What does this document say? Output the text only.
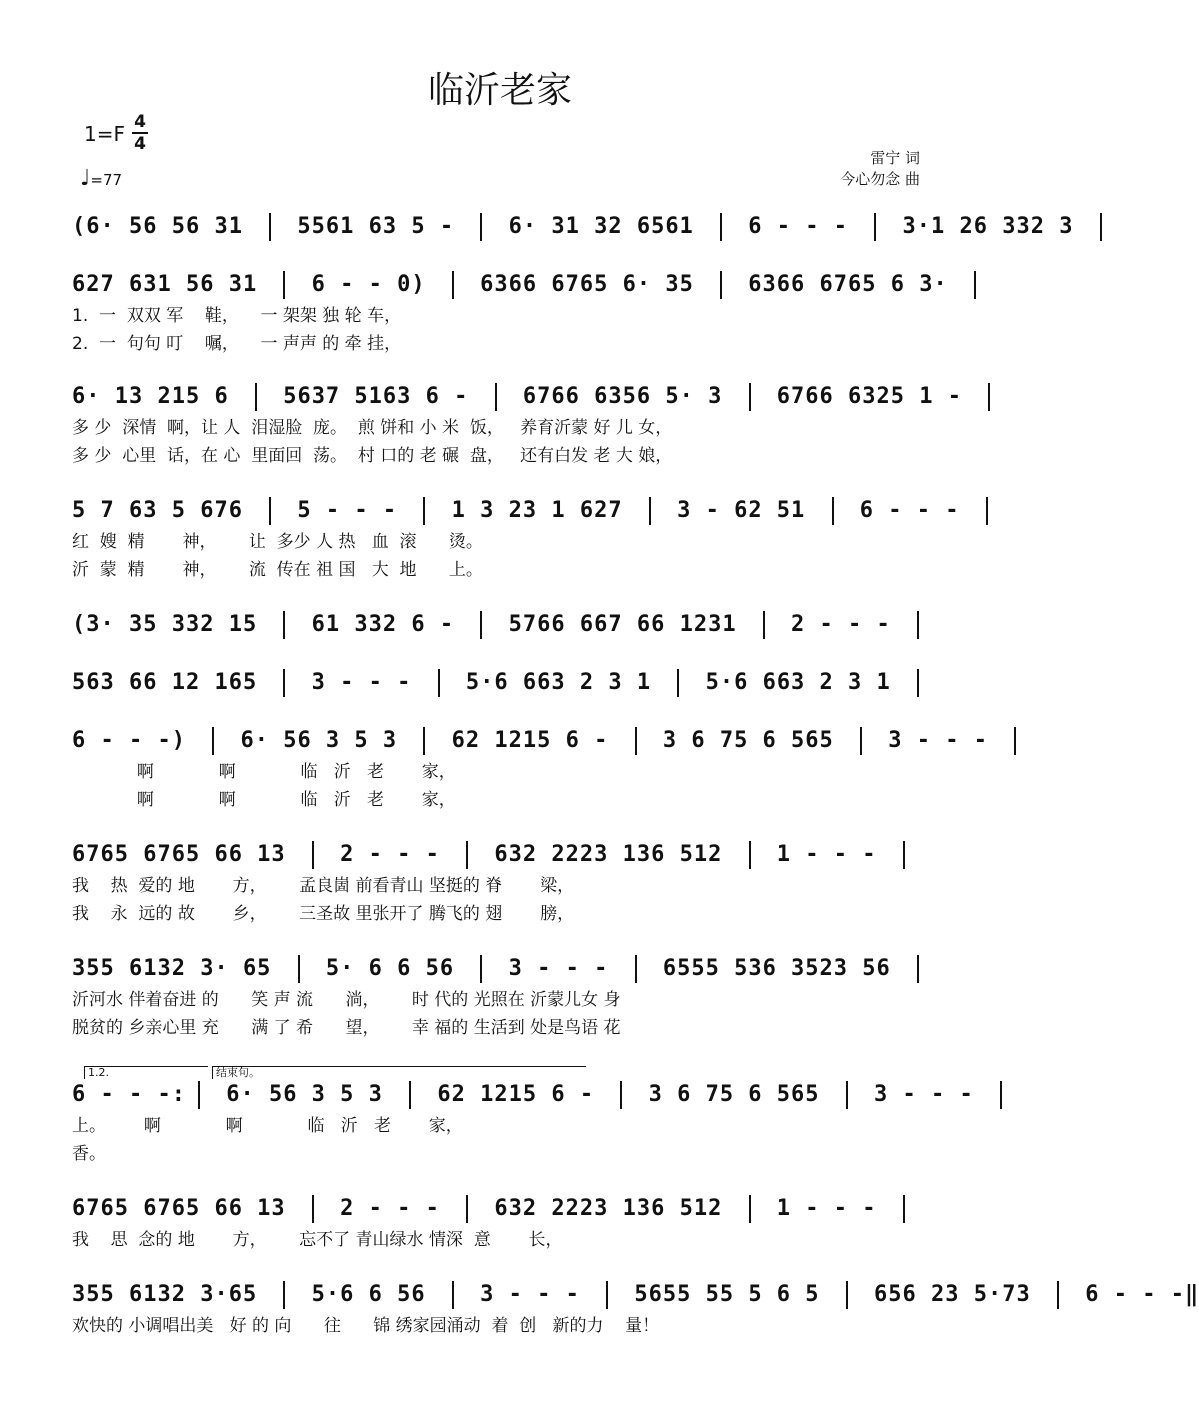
临沂老家
1=F 4
4
♩=77
雷宁 词
今心勿念 曲
(6· 56 56 31  5561 63 5 -  6· 31 32 6561  6 - - -  3·1 26 332 3
627 631 56 31  6 - - 0)  6366 6765 6· 35  6366 6765 6 3·
1.  一  双双 军    鞋，    一 架架 独 轮 车，
2.  一  句句 叮    嘱，    一 声声 的 牵 挂，
6· 13 215 6  5637 5163 6 -  6766 6356 5· 3  6766 6325 1 -
多 少  深情  啊，让 人  泪湿脸  庞。  煎 饼和 小 米  饭，   养育沂蒙 好 儿 女，
多 少  心里  话，在 心  里面回  荡。  村 口的 老 碾  盘，   还有白发 老 大 娘，
5 7 63 5 676  5 - - -  1 3 23 1 627  3 - 62 51  6 - - -
红  嫂  精       神，      让  多少 人 热   血  滚      烫。
沂  蒙  精       神，      流  传在 祖 国   大  地      上。
(3· 35 332 15  61 332 6 -  5766 667 66 1231  2 - - -
563 66 12 165  3 - - -  5·6 663 2 3 1  5·6 663 2 3 1
6 - - -)  6· 56 3 5 3  62 1215 6 -  3 6 75 6 565  3 - - -
啊            啊            临   沂   老       家，
啊            啊            临   沂   老       家，
6765 6765 66 13  2 - - -  632 2223 136 512  1 - - -
我    热  爱的 地       方，      孟良崮 前看青山 坚挺的 脊       梁，
我    永  远的 故       乡，      三圣故 里张开了 腾飞的 翅       膀，
355 6132 3· 65  5· 6 6 56  3 - - -  6555 536 3523 56
沂河水 伴着奋进 的      笑 声 流      淌，      时 代的 光照在 沂蒙儿女 身
脱贫的 乡亲心里 充      满 了 希      望，      幸 福的 生活到 处是鸟语 花
1.2.	结束句。
6 - - -: 6· 56 3 5 3  62 1215 6 -  3 6 75 6 565  3 - - -
上。       啊            啊            临   沂   老       家，
香。
6765 6765 66 13  2 - - -  632 2223 136 512  1 - - -
我    思  念的 地       方，      忘不了 青山绿水 情深  意       长，
355 6132 3·65  5·6 6 56  3 - - -  5655 55 5 6 5  656 23 5·73  6 - - -‖
欢快的 小调唱出美   好 的 向      往      锦 绣家园涌动  着  创   新的力    量！
